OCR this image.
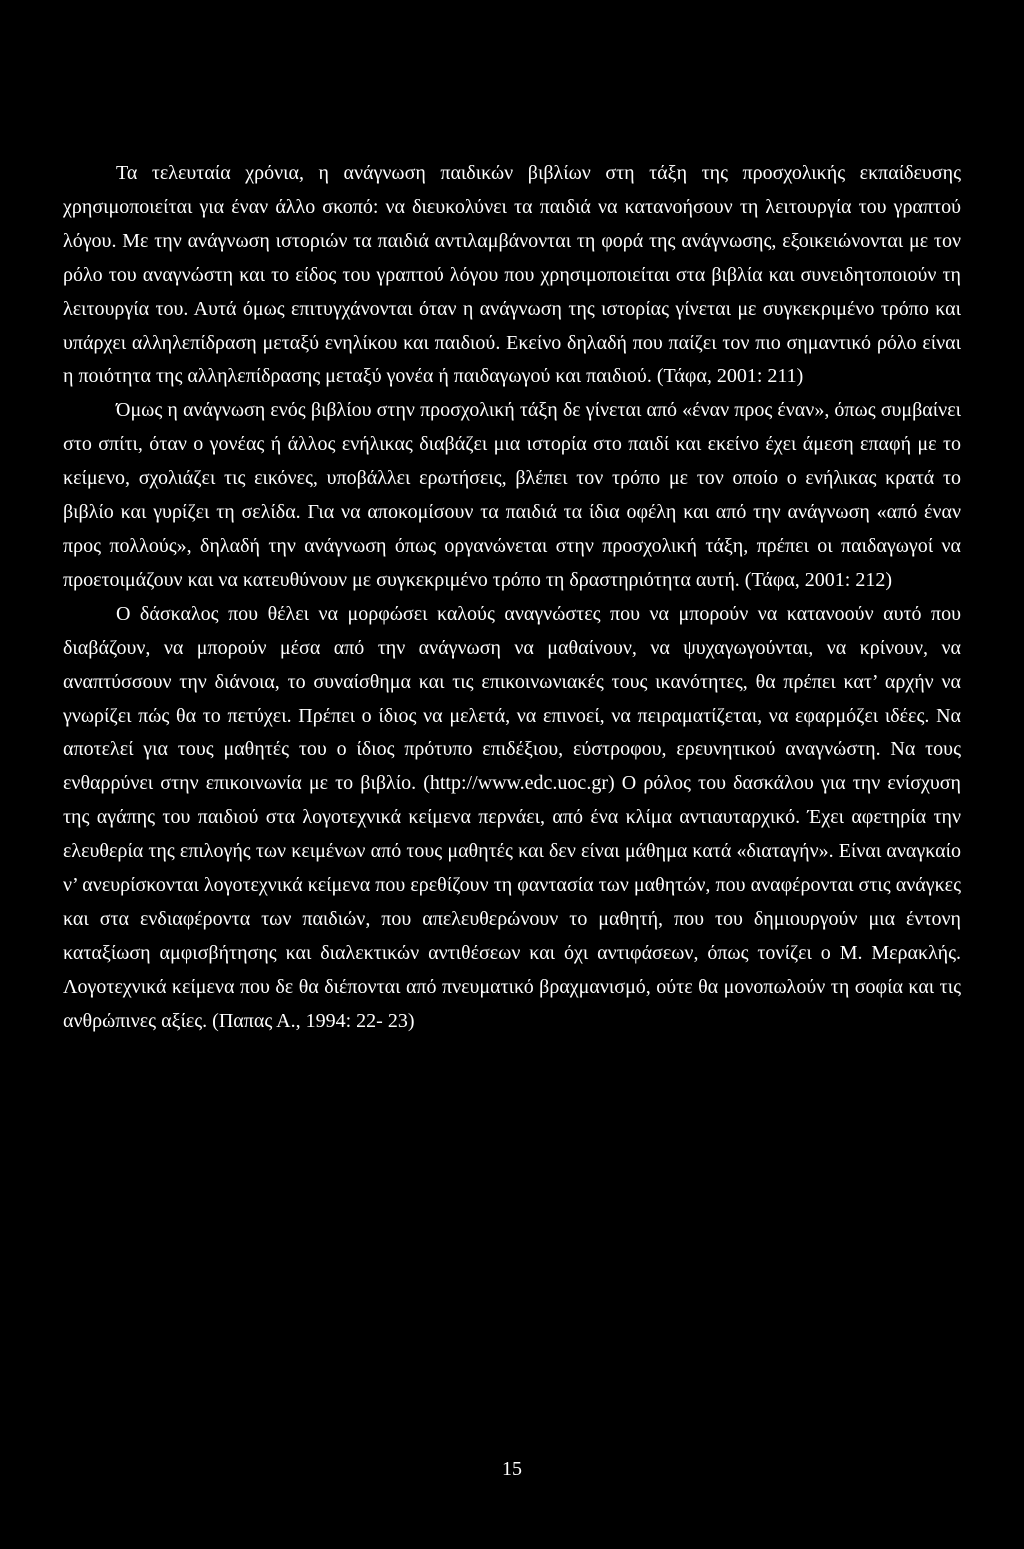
Τα τελευταία χρόνια, η ανάγνωση παιδικών βιβλίων στη τάξη της προσχολικής εκπαίδευσης χρησιμοποιείται για έναν άλλο σκοπό: να διευκολύνει τα παιδιά να κατανοήσουν τη λειτουργία του γραπτού λόγου. Με την ανάγνωση ιστοριών τα παιδιά αντιλαμβάνονται τη φορά της ανάγνωσης, εξοικειώνονται με τον ρόλο του αναγνώστη και το είδος του γραπτού λόγου που χρησιμοποιείται στα βιβλία και συνειδητοποιούν τη λειτουργία του. Αυτά όμως επιτυγχάνονται όταν η ανάγνωση της ιστορίας γίνεται με συγκεκριμένο τρόπο και υπάρχει αλληλεπίδραση μεταξύ ενηλίκου και παιδιού. Εκείνο δηλαδή που παίζει τον πιο σημαντικό ρόλο είναι η ποιότητα της αλληλεπίδρασης μεταξύ γονέα ή παιδαγωγού και παιδιού. (Τάφα, 2001: 211)

Όμως η ανάγνωση ενός βιβλίου στην προσχολική τάξη δε γίνεται από «έναν προς έναν», όπως συμβαίνει στο σπίτι, όταν ο γονέας ή άλλος ενήλικας διαβάζει μια ιστορία στο παιδί και εκείνο έχει άμεση επαφή με το κείμενο, σχολιάζει τις εικόνες, υποβάλλει ερωτήσεις, βλέπει τον τρόπο με τον οποίο ο ενήλικας κρατά το βιβλίο και γυρίζει τη σελίδα. Για να αποκομίσουν τα παιδιά τα ίδια οφέλη και από την ανάγνωση «από έναν προς πολλούς», δηλαδή την ανάγνωση όπως οργανώνεται στην προσχολική τάξη, πρέπει οι παιδαγωγοί να προετοιμάζουν και να κατευθύνουν με συγκεκριμένο τρόπο τη δραστηριότητα αυτή. (Τάφα, 2001: 212)

Ο δάσκαλος που θέλει να μορφώσει καλούς αναγνώστες που να μπορούν να κατανοούν αυτό που διαβάζουν, να μπορούν μέσα από την ανάγνωση να μαθαίνουν, να ψυχαγωγούνται, να κρίνουν, να αναπτύσσουν την διάνοια, το συναίσθημα και τις επικοινωνιακές τους ικανότητες, θα πρέπει κατ’ αρχήν να γνωρίζει πώς θα το πετύχει. Πρέπει ο ίδιος να μελετά, να επινοεί, να πειραματίζεται, να εφαρμόζει ιδέες. Να αποτελεί για τους μαθητές του ο ίδιος πρότυπο επιδέξιου, εύστροφου, ερευνητικού αναγνώστη. Να τους ενθαρρύνει στην επικοινωνία με το βιβλίο. (http://www.edc.uoc.gr) Ο ρόλος του δασκάλου για την ενίσχυση της αγάπης του παιδιού στα λογοτεχνικά κείμενα περνάει, από ένα κλίμα αντιαυταρχικό. Έχει αφετηρία την ελευθερία της επιλογής των κειμένων από τους μαθητές και δεν είναι μάθημα κατά «διαταγήν». Είναι αναγκαίο ν’ ανευρίσκονται λογοτεχνικά κείμενα που ερεθίζουν τη φαντασία των μαθητών, που αναφέρονται στις ανάγκες και στα ενδιαφέροντα των παιδιών, που απελευθερώνουν το μαθητή, που του δημιουργούν μια έντονη καταξίωση αμφισβήτησης και διαλεκτικών αντιθέσεων και όχι αντιφάσεων, όπως τονίζει ο Μ. Μερακλής. Λογοτεχνικά κείμενα που δε θα διέπονται από πνευματικό βραχμανισμό, ούτε θα μονοπωλούν τη σοφία και τις ανθρώπινες αξίες. (Παπας Α., 1994: 22- 23)

15
